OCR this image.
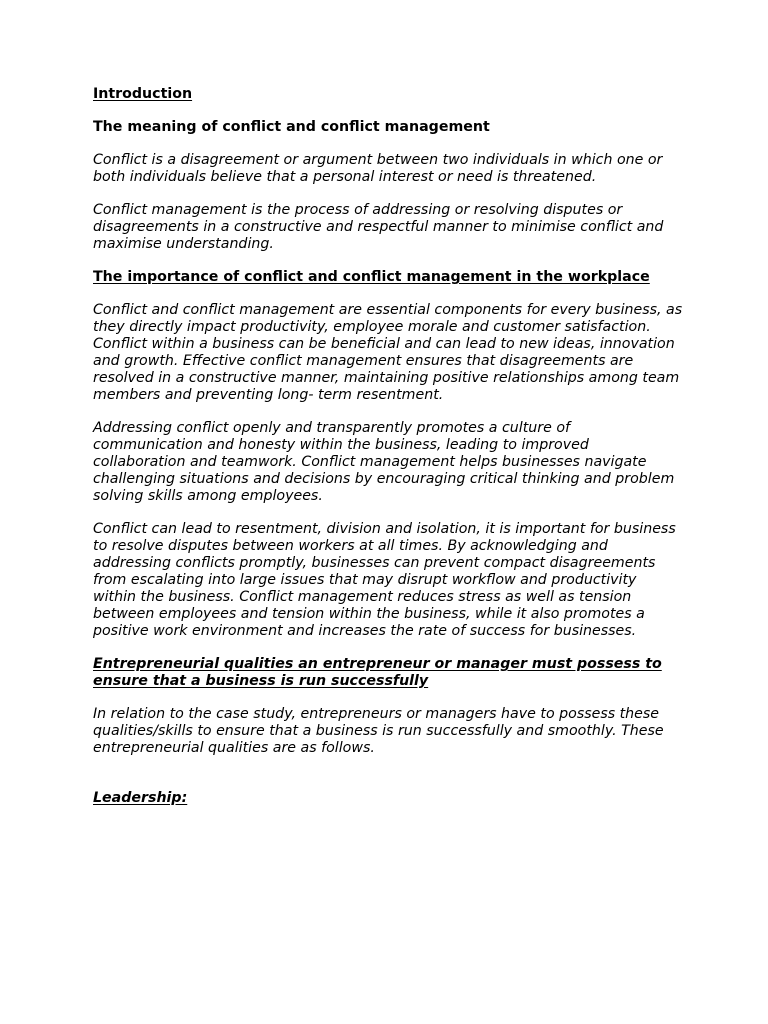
Introduction

The meaning of conflict and conflict management

Conflict is a disagreement or argument between two individuals in which one or both individuals believe that a personal interest or need is threatened.

Conflict management is the process of addressing or resolving disputes or disagreements in a constructive and respectful manner to minimise conflict and maximise understanding.

The importance of conflict and conflict management in the workplace

Conflict and conflict management are essential components for every business, as they directly impact productivity, employee morale and customer satisfaction. Conflict within a business can be beneficial and can lead to new ideas, innovation and growth. Effective conflict management ensures that disagreements are resolved in a constructive manner, maintaining positive relationships among team members and preventing long- term resentment.

Addressing conflict openly and transparently promotes a culture of communication and honesty within the business, leading to improved collaboration and teamwork. Conflict management helps businesses navigate challenging situations and decisions by encouraging critical thinking and problem solving skills among employees.

Conflict can lead to resentment, division and isolation, it is important for business to resolve disputes between workers at all times. By acknowledging and addressing conflicts promptly, businesses can prevent compact disagreements from escalating into large issues that may disrupt workflow and productivity within the business. Conflict management reduces stress as well as tension between employees and tension within the business, while it also promotes a positive work environment and increases the rate of success for businesses.

Entrepreneurial qualities an entrepreneur or manager must possess to ensure that a business is run successfully

In relation to the case study, entrepreneurs or managers have to possess these qualities/skills to ensure that a business is run successfully and smoothly. These entrepreneurial qualities are as follows.

Leadership:
